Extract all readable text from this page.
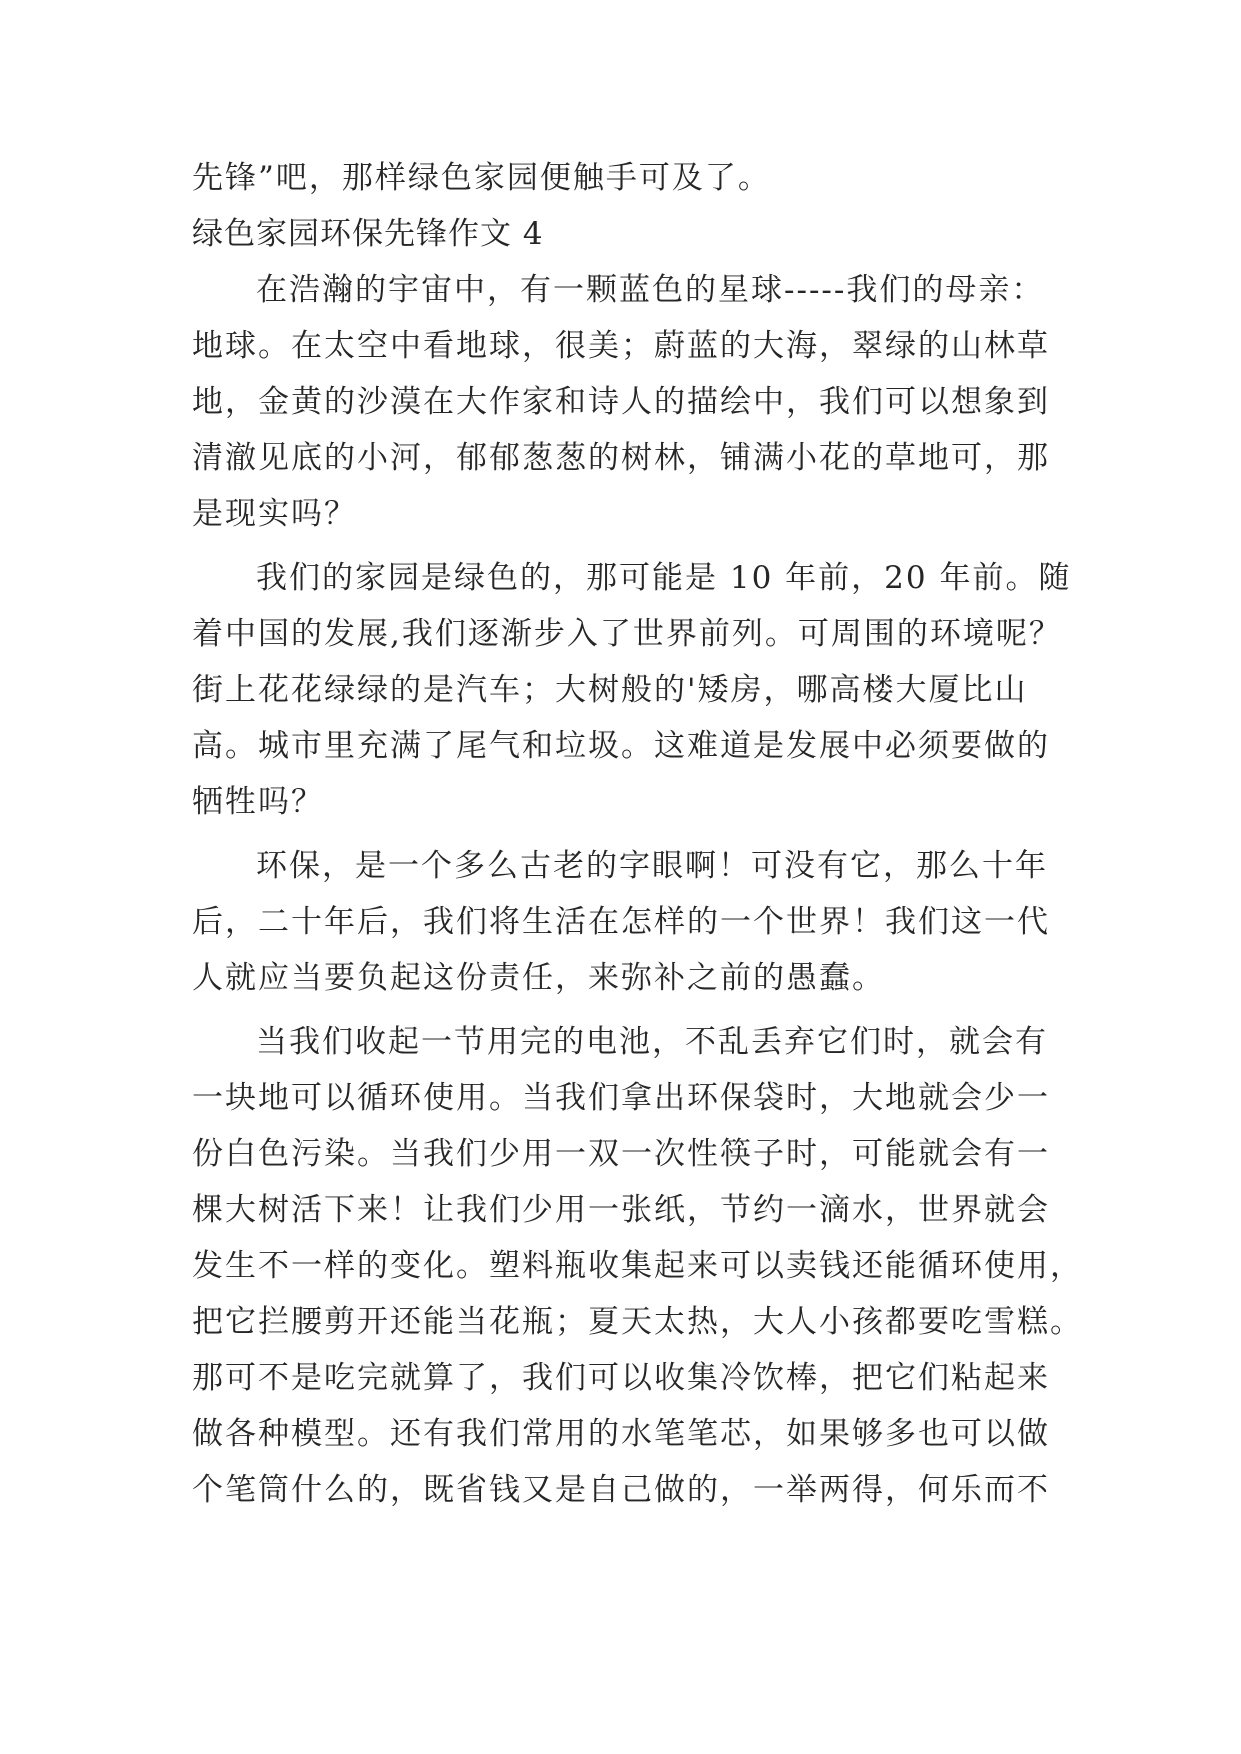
先锋”吧，那样绿色家园便触手可及了。
绿色家园环保先锋作文 4
在浩瀚的宇宙中，有一颗蓝色的星球-----我们的母亲：
地球。在太空中看地球，很美；蔚蓝的大海，翠绿的山林草
地，金黄的沙漠在大作家和诗人的描绘中，我们可以想象到
清澈见底的小河，郁郁葱葱的树林，铺满小花的草地可，那
是现实吗？
我们的家园是绿色的，那可能是 10 年前，20 年前。随
着中国的发展,我们逐渐步入了世界前列。可周围的环境呢？
街上花花绿绿的是汽车；大树般的'矮房，哪高楼大厦比山
高。城市里充满了尾气和垃圾。这难道是发展中必须要做的
牺牲吗？
环保，是一个多么古老的字眼啊！可没有它，那么十年
后，二十年后，我们将生活在怎样的一个世界！我们这一代
人就应当要负起这份责任，来弥补之前的愚蠢。
当我们收起一节用完的电池，不乱丢弃它们时，就会有
一块地可以循环使用。当我们拿出环保袋时，大地就会少一
份白色污染。当我们少用一双一次性筷子时，可能就会有一
棵大树活下来！让我们少用一张纸，节约一滴水，世界就会
发生不一样的变化。塑料瓶收集起来可以卖钱还能循环使用，
把它拦腰剪开还能当花瓶；夏天太热，大人小孩都要吃雪糕。
那可不是吃完就算了，我们可以收集冷饮棒，把它们粘起来
做各种模型。还有我们常用的水笔笔芯，如果够多也可以做
个笔筒什么的，既省钱又是自己做的，一举两得，何乐而不
